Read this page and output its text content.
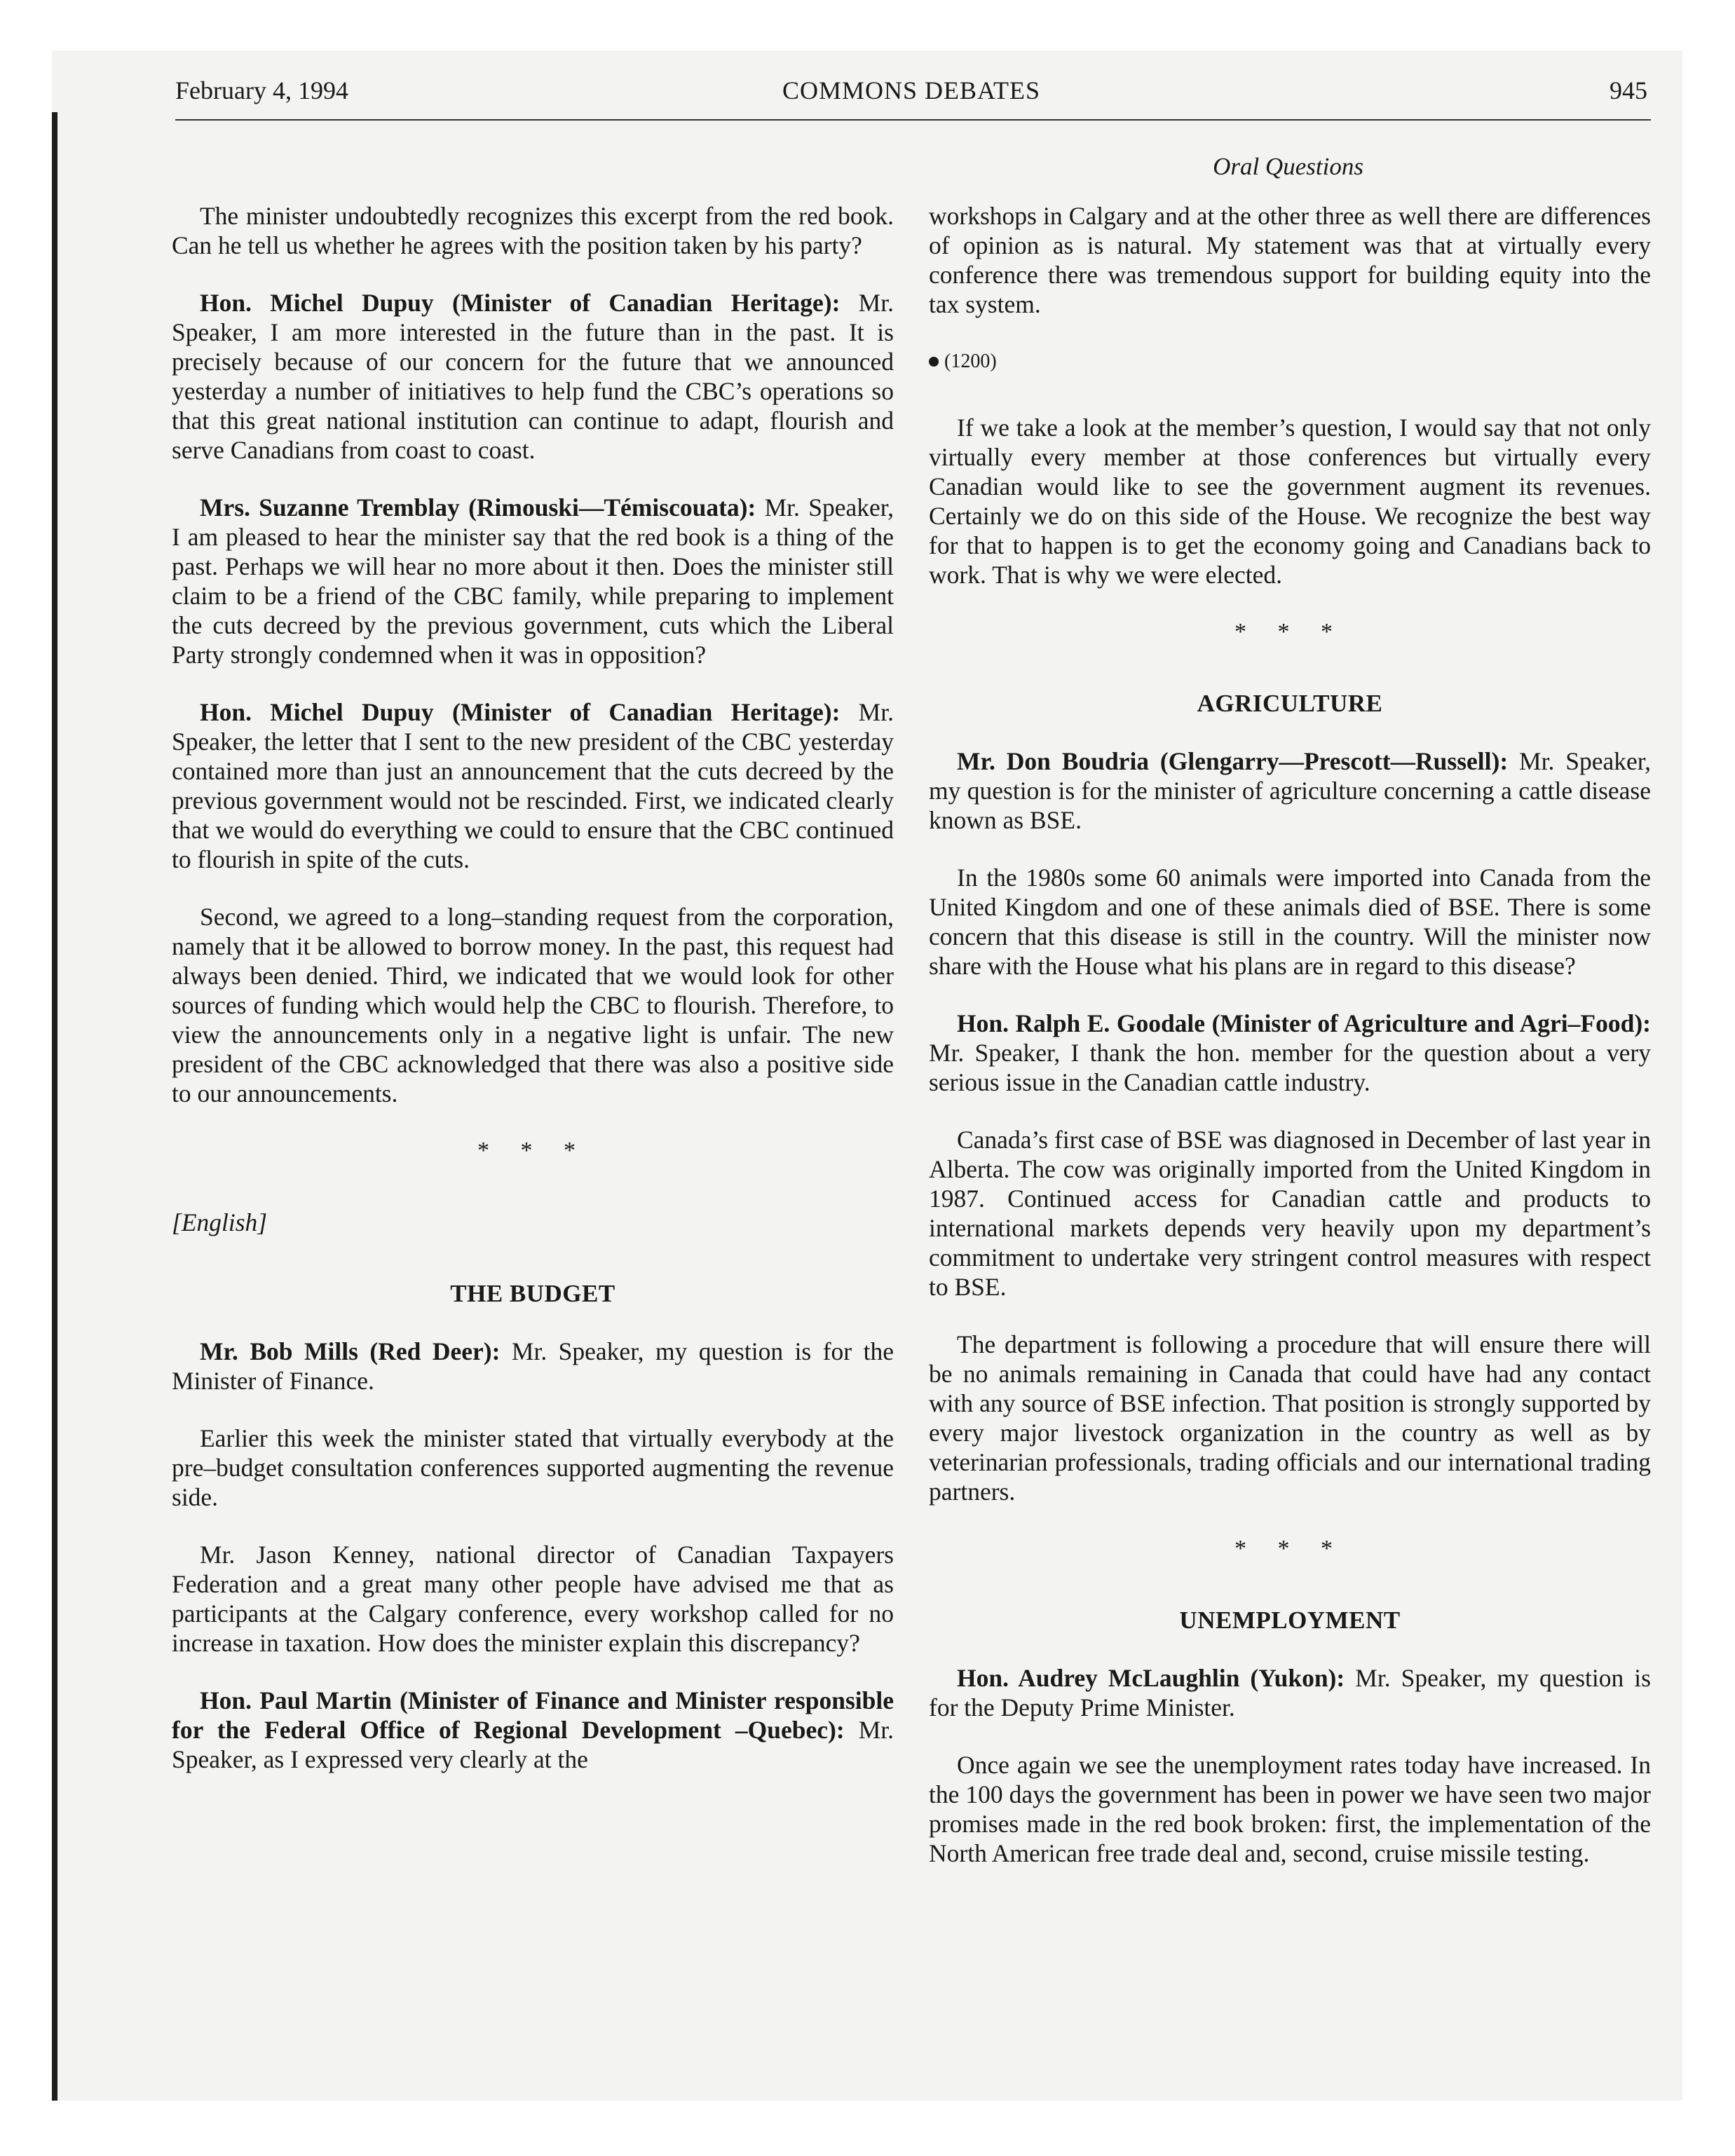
February 4, 1994	COMMONS DEBATES	945
Oral Questions

The minister undoubtedly recognizes this excerpt from the red book. Can he tell us whether he agrees with the position taken by his party?

Hon. Michel Dupuy (Minister of Canadian Heritage): Mr. Speaker, I am more interested in the future than in the past. It is precisely because of our concern for the future that we announced yesterday a number of initiatives to help fund the CBC’s operations so that this great national institution can continue to adapt, flourish and serve Canadians from coast to coast.

Mrs. Suzanne Tremblay (Rimouski—Témiscouata): Mr. Speaker, I am pleased to hear the minister say that the red book is a thing of the past. Perhaps we will hear no more about it then. Does the minister still claim to be a friend of the CBC family, while preparing to implement the cuts decreed by the previous government, cuts which the Liberal Party strongly condemned when it was in opposition?

Hon. Michel Dupuy (Minister of Canadian Heritage): Mr. Speaker, the letter that I sent to the new president of the CBC yesterday contained more than just an announcement that the cuts decreed by the previous government would not be rescinded. First, we indicated clearly that we would do everything we could to ensure that the CBC continued to flourish in spite of the cuts.

Second, we agreed to a long–standing request from the corporation, namely that it be allowed to borrow money. In the past, this request had always been denied. Third, we indicated that we would look for other sources of funding which would help the CBC to flourish. Therefore, to view the announcements only in a negative light is unfair. The new president of the CBC acknowledged that there was also a positive side to our announcements.

* * *
[English]
THE BUDGET

Mr. Bob Mills (Red Deer): Mr. Speaker, my question is for the Minister of Finance.

Earlier this week the minister stated that virtually everybody at the pre–budget consultation conferences supported augmenting the revenue side.

Mr. Jason Kenney, national director of Canadian Taxpayers Federation and a great many other people have advised me that as participants at the Calgary conference, every workshop called for no increase in taxation. How does the minister explain this discrepancy?

Hon. Paul Martin (Minister of Finance and Minister responsible for the Federal Office of Regional Development –Quebec): Mr. Speaker, as I expressed very clearly at the

workshops in Calgary and at the other three as well there are differences of opinion as is natural. My statement was that at virtually every conference there was tremendous support for building equity into the tax system.

(1200)

If we take a look at the member’s question, I would say that not only virtually every member at those conferences but virtually every Canadian would like to see the government augment its revenues. Certainly we do on this side of the House. We recognize the best way for that to happen is to get the economy going and Canadians back to work. That is why we were elected.

* * *
AGRICULTURE

Mr. Don Boudria (Glengarry—Prescott—Russell): Mr. Speaker, my question is for the minister of agriculture concerning a cattle disease known as BSE.

In the 1980s some 60 animals were imported into Canada from the United Kingdom and one of these animals died of BSE. There is some concern that this disease is still in the country. Will the minister now share with the House what his plans are in regard to this disease?

Hon. Ralph E. Goodale (Minister of Agriculture and Agri–Food): Mr. Speaker, I thank the hon. member for the question about a very serious issue in the Canadian cattle industry.

Canada’s first case of BSE was diagnosed in December of last year in Alberta. The cow was originally imported from the United Kingdom in 1987. Continued access for Canadian cattle and products to international markets depends very heavily upon my department’s commitment to undertake very stringent control measures with respect to BSE.

The department is following a procedure that will ensure there will be no animals remaining in Canada that could have had any contact with any source of BSE infection. That position is strongly supported by every major livestock organization in the country as well as by veterinarian professionals, trading officials and our international trading partners.

* * *
UNEMPLOYMENT

Hon. Audrey McLaughlin (Yukon): Mr. Speaker, my question is for the Deputy Prime Minister.

Once again we see the unemployment rates today have increased. In the 100 days the government has been in power we have seen two major promises made in the red book broken: first, the implementation of the North American free trade deal and, second, cruise missile testing.
